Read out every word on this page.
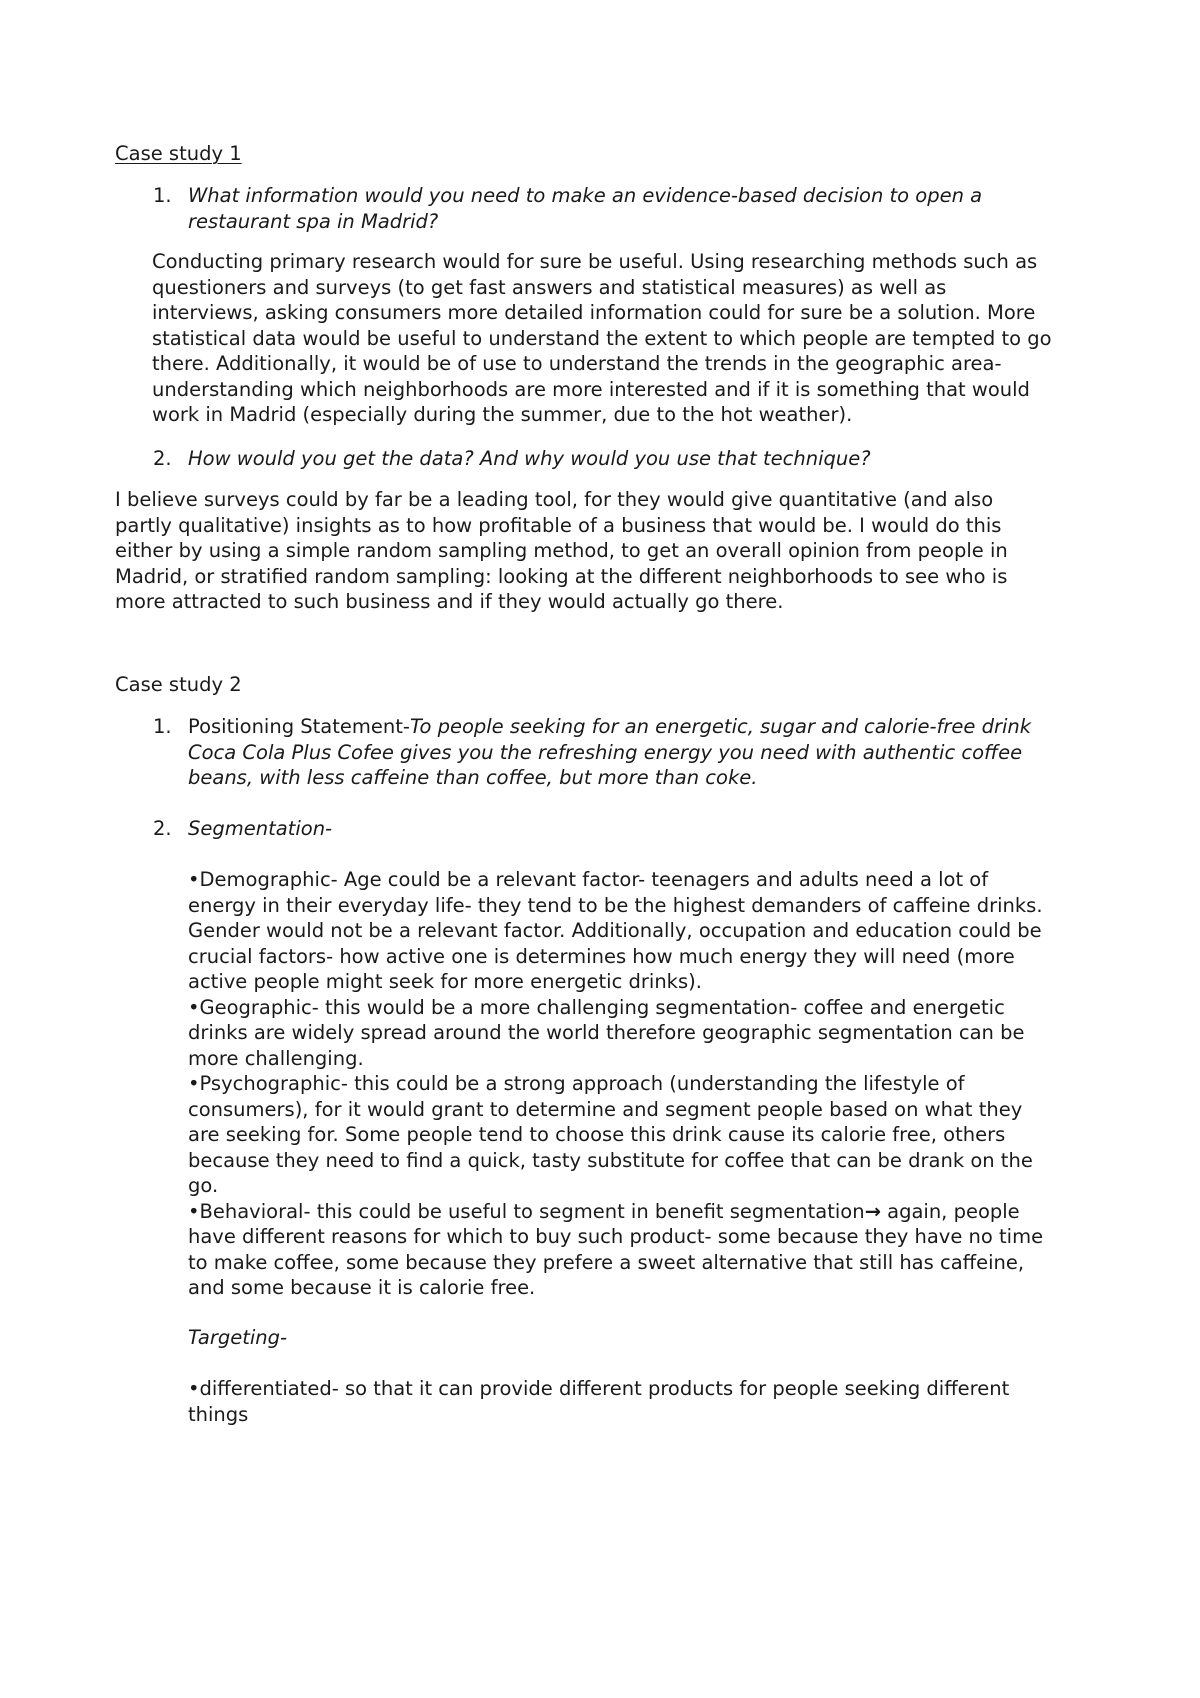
Case study 1
1. What information would you need to make an evidence-based decision to open a
restaurant spa in Madrid?
Conducting primary research would for sure be useful. Using researching methods such as
questioners and surveys (to get fast answers and statistical measures) as well as
interviews, asking consumers more detailed information could for sure be a solution. More
statistical data would be useful to understand the extent to which people are tempted to go
there. Additionally, it would be of use to understand the trends in the geographic area-
understanding which neighborhoods are more interested and if it is something that would
work in Madrid (especially during the summer, due to the hot weather).
2. How would you get the data? And why would you use that technique?
I believe surveys could by far be a leading tool, for they would give quantitative (and also
partly qualitative) insights as to how profitable of a business that would be. I would do this
either by using a simple random sampling method, to get an overall opinion from people in
Madrid, or stratified random sampling: looking at the different neighborhoods to see who is
more attracted to such business and if they would actually go there.
Case study 2
1. Positioning Statement-To people seeking for an energetic, sugar and calorie-free drink
Coca Cola Plus Cofee gives you the refreshing energy you need with authentic coffee
beans, with less caffeine than coffee, but more than coke.
2. Segmentation-
•Demographic- Age could be a relevant factor- teenagers and adults need a lot of
energy in their everyday life- they tend to be the highest demanders of caffeine drinks.
Gender would not be a relevant factor. Additionally, occupation and education could be
crucial factors- how active one is determines how much energy they will need (more
active people might seek for more energetic drinks).
•Geographic- this would be a more challenging segmentation- coffee and energetic
drinks are widely spread around the world therefore geographic segmentation can be
more challenging.
•Psychographic- this could be a strong approach (understanding the lifestyle of
consumers), for it would grant to determine and segment people based on what they
are seeking for. Some people tend to choose this drink cause its calorie free, others
because they need to find a quick, tasty substitute for coffee that can be drank on the
go.
•Behavioral- this could be useful to segment in benefit segmentation→ again, people
have different reasons for which to buy such product- some because they have no time
to make coffee, some because they prefere a sweet alternative that still has caffeine,
and some because it is calorie free.
Targeting-
•differentiated- so that it can provide different products for people seeking different
things
